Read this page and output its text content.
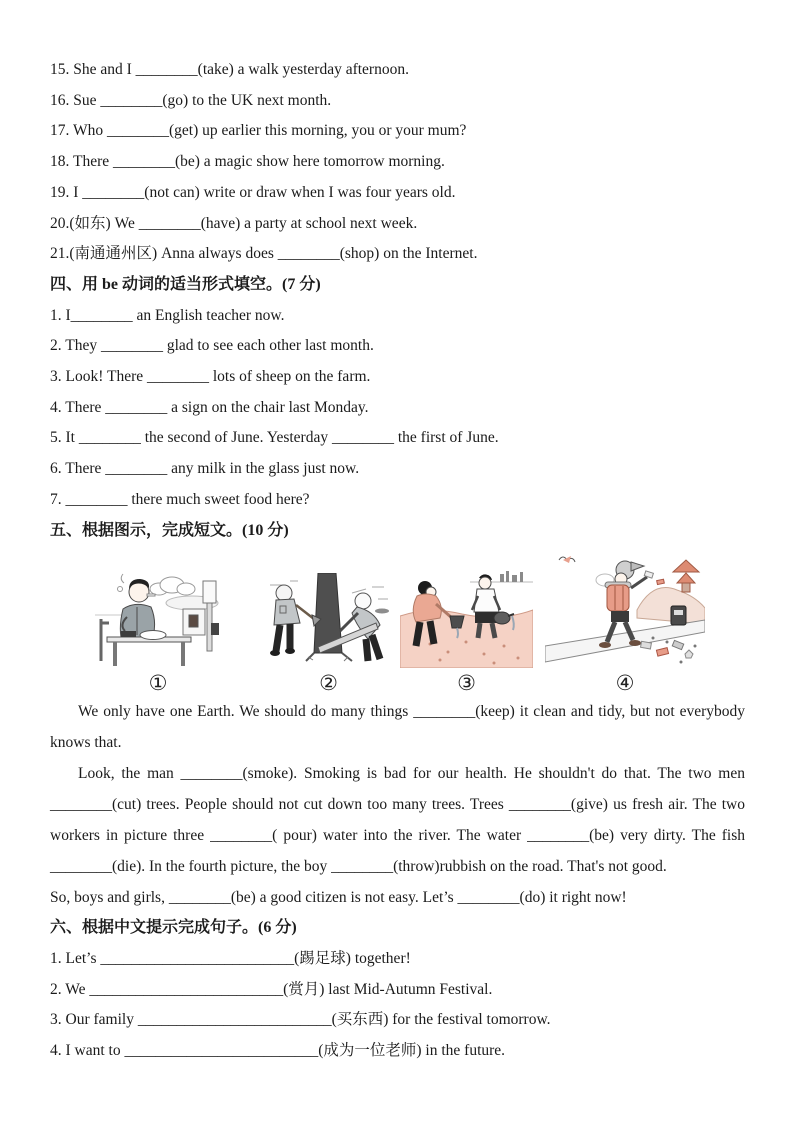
15. She and I ________(take) a walk yesterday afternoon.
16. Sue ________(go) to the UK next month.
17. Who ________(get) up earlier this morning, you or your mum?
18. There ________(be) a magic show here tomorrow morning.
19. I ________(not can) write or draw when I was four years old.
20.(如东) We ________(have) a party at school next week.
21.(南通通州区) Anna always does ________(shop) on the Internet.
四、用 be 动词的适当形式填空。(7 分)
1. I________ an English teacher now.
2. They ________ glad to see each other last month.
3. Look! There ________ lots of sheep on the farm.
4. There ________ a sign on the chair last Monday.
5. It ________ the second of June. Yesterday ________ the first of June.
6. There ________ any milk in the glass just now.
7. ________ there much sweet food here?
五、根据图示，完成短文。(10 分)
①	②	③	④
We only have one Earth. We should do many things ________(keep) it clean and tidy, but not everybody knows that.
Look, the man ________(smoke). Smoking is bad for our health. He shouldn't do that. The two men ________(cut) trees. People should not cut down too many trees. Trees ________(give) us fresh air. The two workers in picture three ________( pour) water into the river. The water ________(be) very dirty. The fish ________(die). In the fourth picture, the boy ________(throw)rubbish on the road. That's not good.
So, boys and girls, ________(be) a good citizen is not easy. Let’s ________(do) it right now!
六、根据中文提示完成句子。(6 分)
1. Let’s _________________________(踢足球) together!
2. We _________________________(赏月) last Mid-Autumn Festival.
3. Our family _________________________(买东西) for the festival tomorrow.
4. I want to _________________________(成为一位老师) in the future.
